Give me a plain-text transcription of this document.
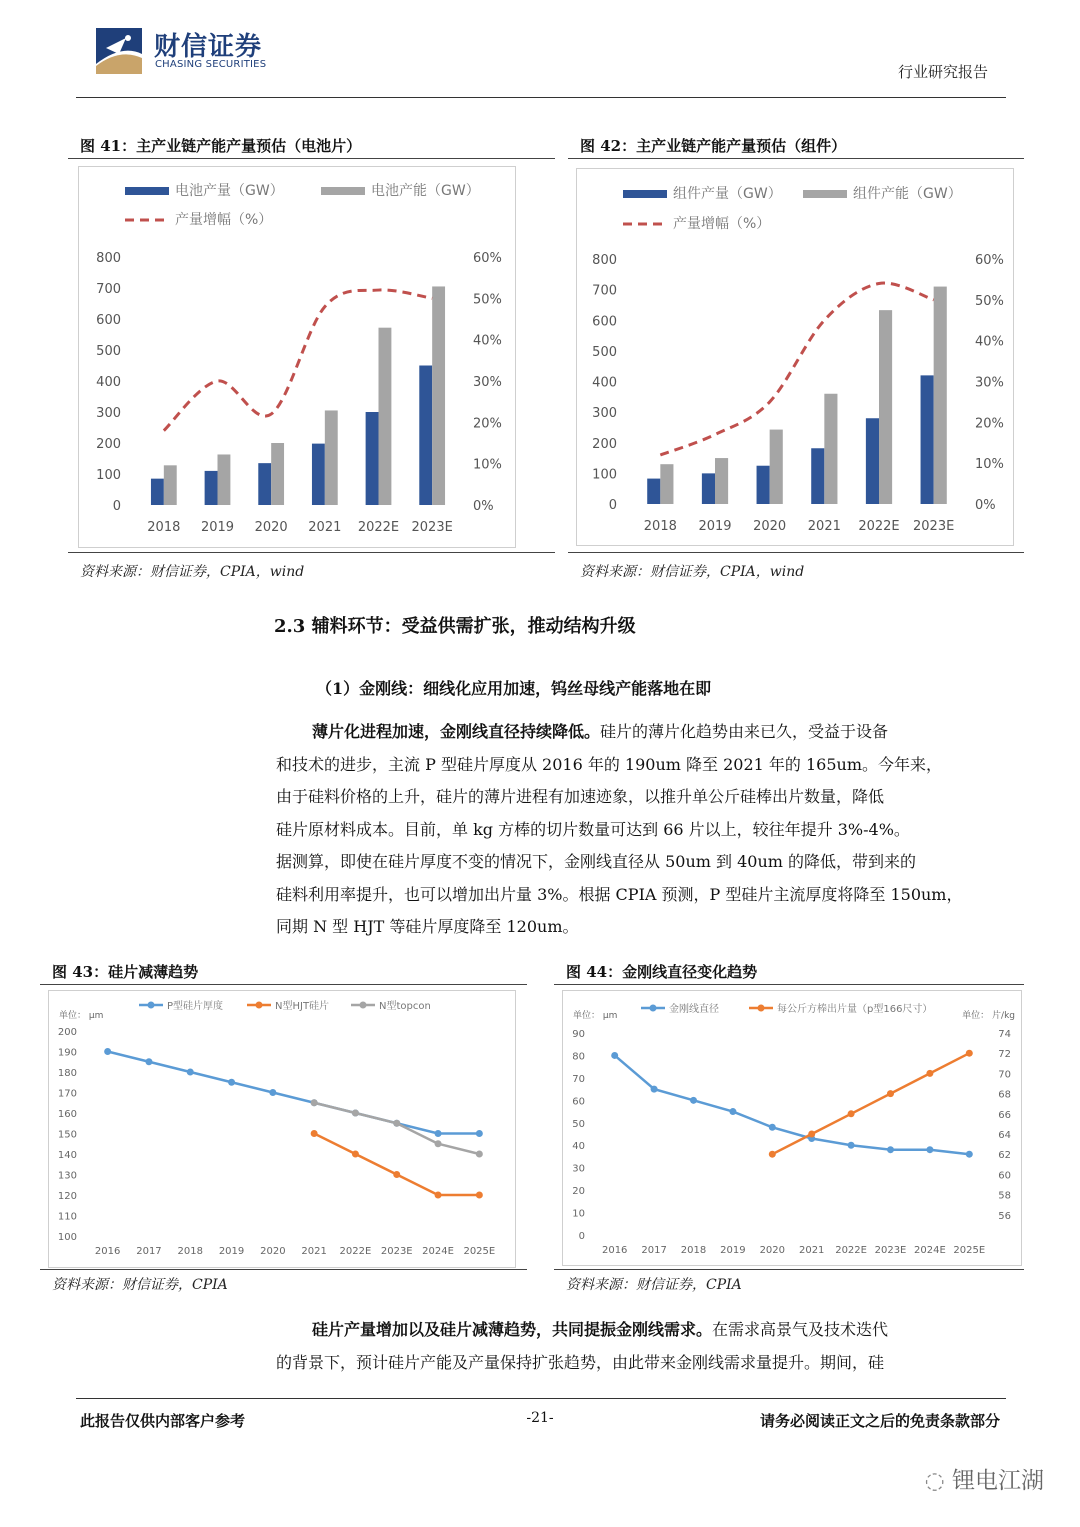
财信证券
CHASING SECURITIES	行业研究报告
图 41：主产业链产能产量预估（电池片）	图 42：主产业链产能产量预估（组件）
0
100
200
300
400
500
600
700
800
0%
10%
20%
30%
40%
50%
60%
2018 2019 2020 2021 2022E 2023E
电池产量（GW）	电池产能（GW）
产量增幅（%）
0
100
200
300
400
500
600
700
800
0%
10%
20%
30%
40%
50%
60%
2018 2019 2020 2021 2022E 2023E
组件产量（GW）	组件产能（GW）
产量增幅（%）
资料来源：财信证券，CPIA，wind	资料来源：财信证券，CPIA，wind
2.3 辅料环节：受益供需扩张，推动结构升级
（1）金刚线：细线化应用加速，钨丝母线产能落地在即
薄片化进程加速，金刚线直径持续降低。硅片的薄片化趋势由来已久，受益于设备
和技术的进步，主流 P 型硅片厚度从 2016 年的 190um 降至 2021 年的 165um。今年来，
由于硅料价格的上升，硅片的薄片进程有加速迹象，以推升单公斤硅棒出片数量，降低
硅片原材料成本。目前，单 kg 方棒的切片数量可达到 66 片以上，较往年提升 3%-4%。
据测算，即使在硅片厚度不变的情况下，金刚线直径从 50um 到 40um 的降低，带到来的
硅料利用率提升，也可以增加出片量 3%。根据 CPIA 预测，P 型硅片主流厚度将降至 150um，
同期 N 型 HJT 等硅片厚度降至 120um。
图 43：硅片减薄趋势	图 44：金刚线直径变化趋势
100
110
120
130
140
150
160
170
180
190
200
2016 2017 2018 2019 2020 2021 2022E 2023E 2024E 2025E
单位： μm
P型硅片厚度	N型HJT硅片	N型topcon
0
10
20
30
40
50
60
70
80
90
56
58
60
62
64
66
68
70
72
74
2016 2017 2018 2019 2020 2021 2022E 2023E 2024E 2025E
单位： μm	单位： 片/kg
金刚线直径	每公斤方棒出片量（p型166尺寸）
资料来源：财信证券，CPIA	资料来源：财信证券，CPIA
硅片产量增加以及硅片减薄趋势，共同提振金刚线需求。在需求高景气及技术迭代
的背景下，预计硅片产能及产量保持扩张趋势，由此带来金刚线需求量提升。期间，硅
此报告仅供内部客户参考	-21-	请务必阅读正文之后的免责条款部分
◌ 锂电江湖
